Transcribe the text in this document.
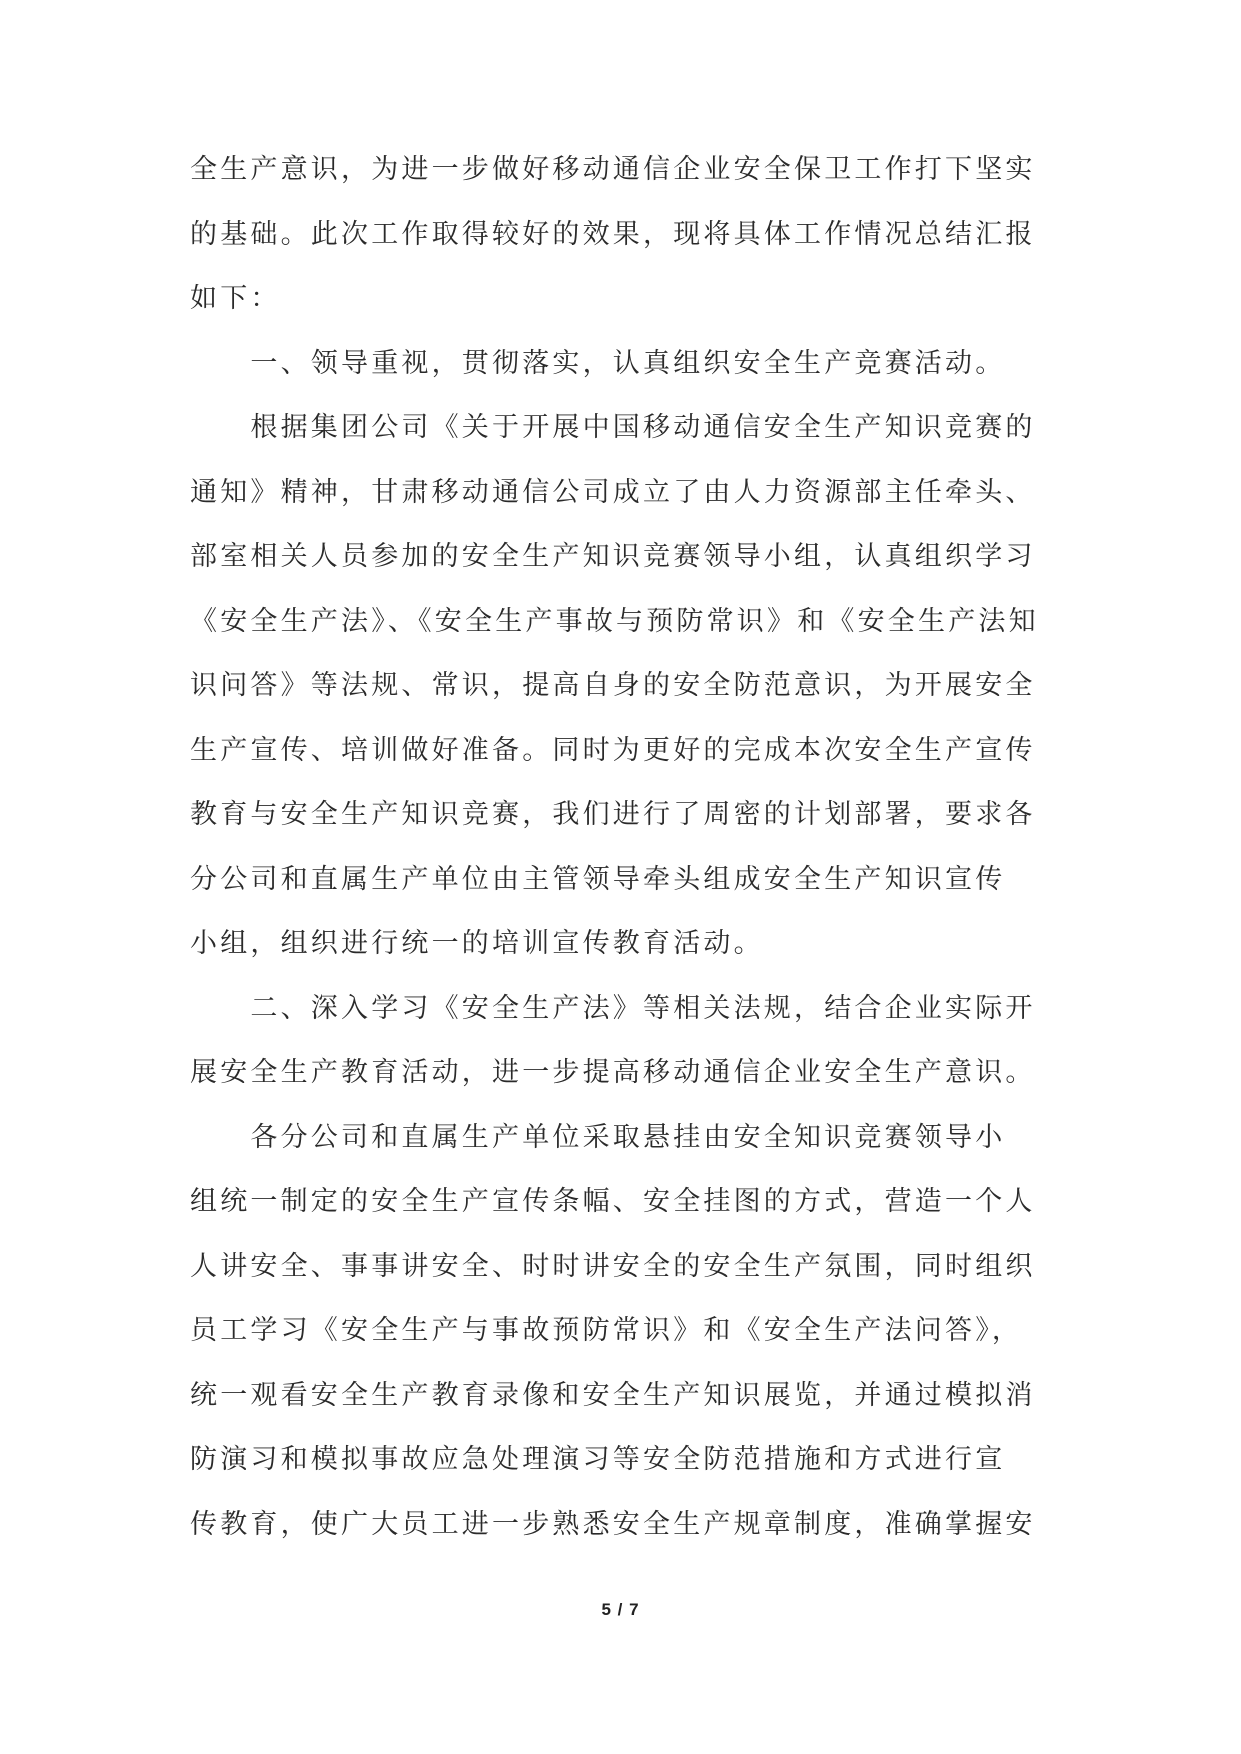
全生产意识，为进一步做好移动通信企业安全保卫工作打下坚实
的基础。此次工作取得较好的效果，现将具体工作情况总结汇报
如下：
　　一、领导重视，贯彻落实，认真组织安全生产竞赛活动。
　　根据集团公司《关于开展中国移动通信安全生产知识竞赛的
通知》精神，甘肃移动通信公司成立了由人力资源部主任牵头、
部室相关人员参加的安全生产知识竞赛领导小组，认真组织学习
《安全生产法》、《安全生产事故与预防常识》和《安全生产法知
识问答》等法规、常识，提高自身的安全防范意识，为开展安全
生产宣传、培训做好准备。同时为更好的完成本次安全生产宣传
教育与安全生产知识竞赛，我们进行了周密的计划部署，要求各
分公司和直属生产单位由主管领导牵头组成安全生产知识宣传
小组，组织进行统一的培训宣传教育活动。
　　二、深入学习《安全生产法》等相关法规，结合企业实际开
展安全生产教育活动，进一步提高移动通信企业安全生产意识。
　　各分公司和直属生产单位采取悬挂由安全知识竞赛领导小
组统一制定的安全生产宣传条幅、安全挂图的方式，营造一个人
人讲安全、事事讲安全、时时讲安全的安全生产氛围，同时组织
员工学习《安全生产与事故预防常识》和《安全生产法问答》，
统一观看安全生产教育录像和安全生产知识展览，并通过模拟消
防演习和模拟事故应急处理演习等安全防范措施和方式进行宣
传教育，使广大员工进一步熟悉安全生产规章制度，准确掌握安
5 / 7
